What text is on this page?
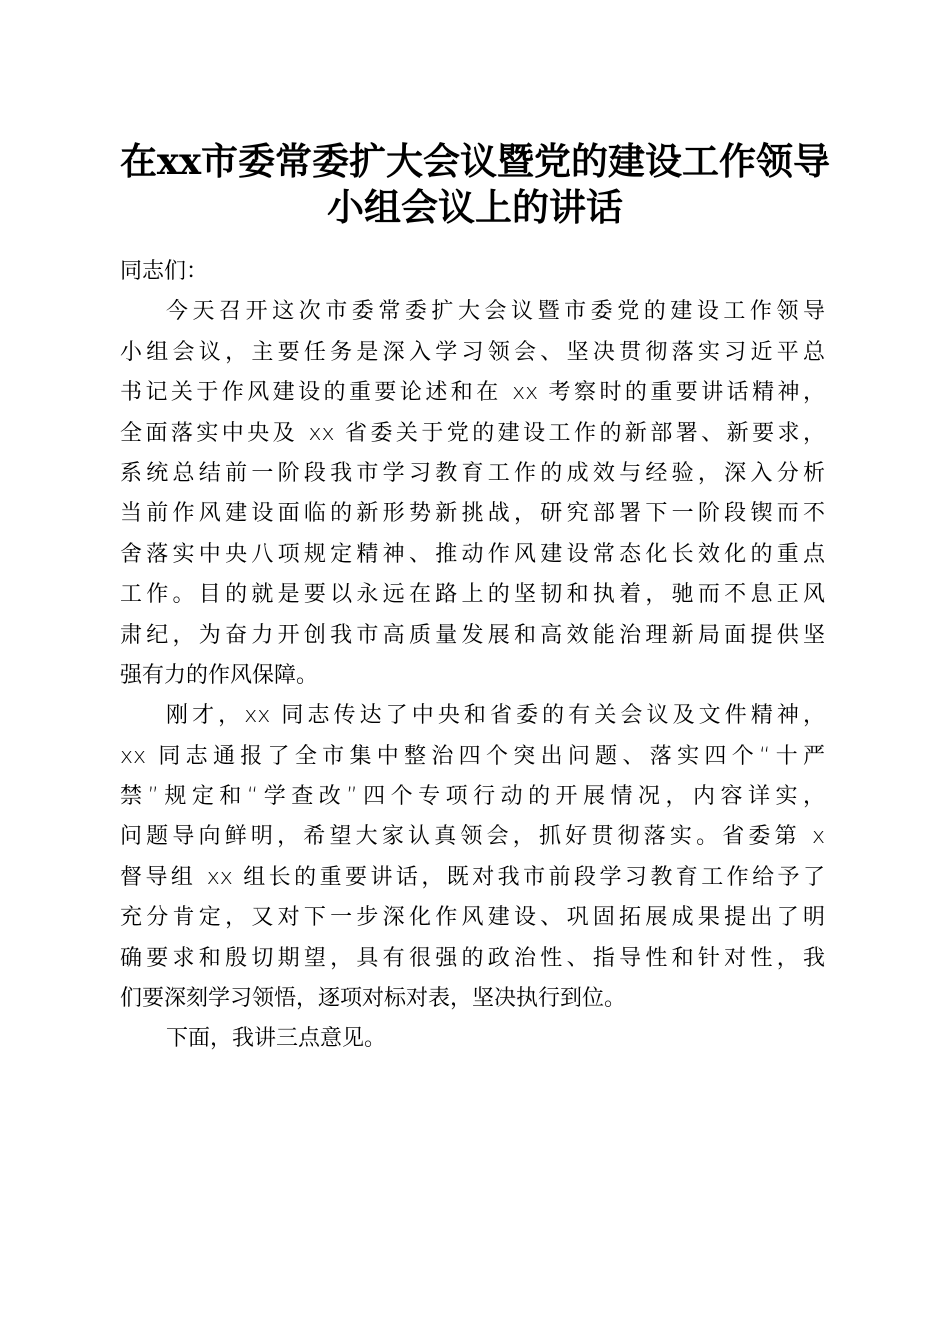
在xx市委常委扩大会议暨党的建设工作领导
小组会议上的讲话
同志们：
今天召开这次市委常委扩大会议暨市委党的建设工作领导
小组会议，主要任务是深入学习领会、坚决贯彻落实习近平总
书记关于作风建设的重要论述和在 xx 考察时的重要讲话精神，
全面落实中央及 xx 省委关于党的建设工作的新部署、新要求，
系统总结前一阶段我市学习教育工作的成效与经验，深入分析
当前作风建设面临的新形势新挑战，研究部署下一阶段锲而不
舍落实中央八项规定精神、推动作风建设常态化长效化的重点
工作。目的就是要以永远在路上的坚韧和执着，驰而不息正风
肃纪，为奋力开创我市高质量发展和高效能治理新局面提供坚
强有力的作风保障。
刚才，xx 同志传达了中央和省委的有关会议及文件精神，
xx 同志通报了全市集中整治四个突出问题、落实四个“十严
禁”规定和“学查改”四个专项行动的开展情况，内容详实，
问题导向鲜明，希望大家认真领会，抓好贯彻落实。省委第 x
督导组 xx 组长的重要讲话，既对我市前段学习教育工作给予了
充分肯定，又对下一步深化作风建设、巩固拓展成果提出了明
确要求和殷切期望，具有很强的政治性、指导性和针对性，我
们要深刻学习领悟，逐项对标对表，坚决执行到位。
下面，我讲三点意见。
